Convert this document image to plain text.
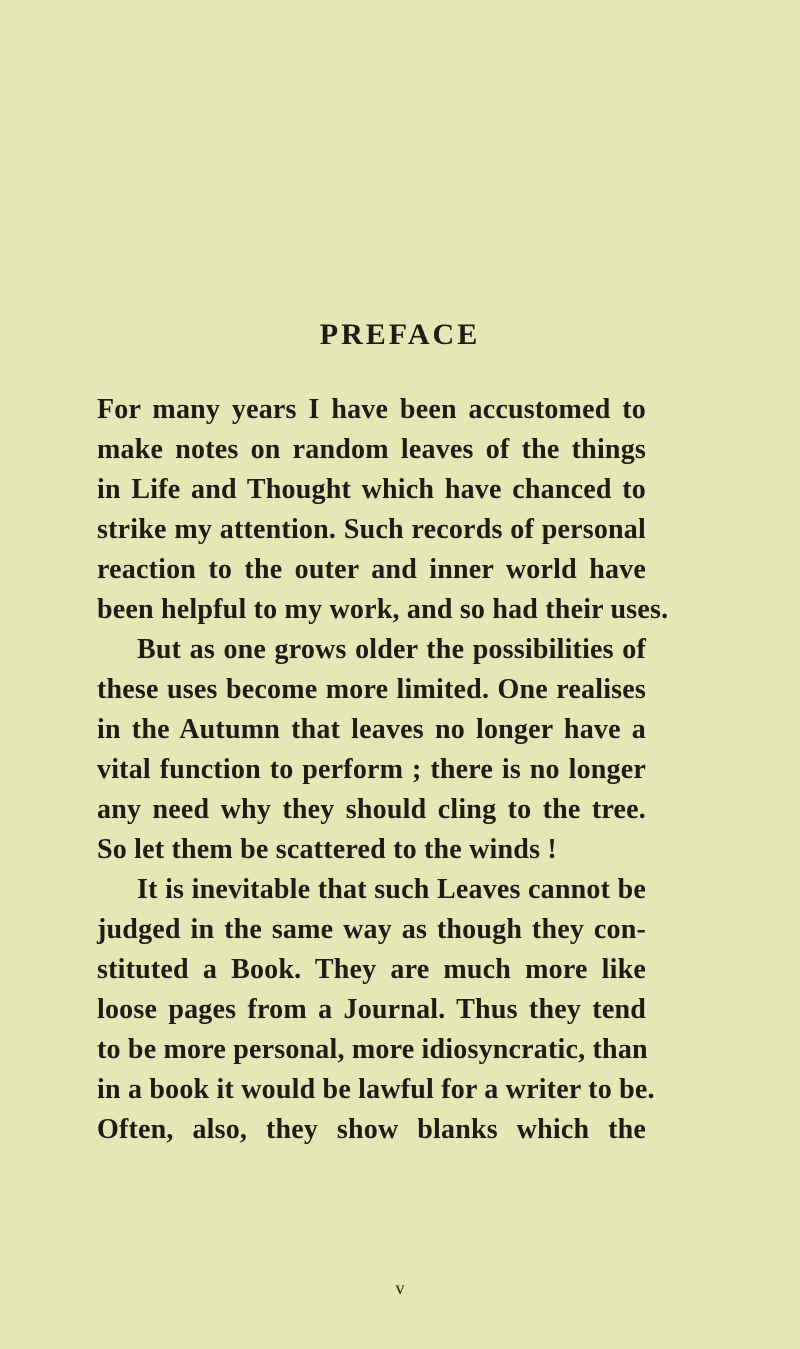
PREFACE
For many years I have been accustomed to
make notes on random leaves of the things
in Life and Thought which have chanced to
strike my attention. Such records of personal
reaction to the outer and inner world have
been helpful to my work, and so had their uses.
But as one grows older the possibilities of
these uses become more limited. One realises
in the Autumn that leaves no longer have a
vital function to perform ; there is no longer
any need why they should cling to the tree.
So let them be scattered to the winds !
It is inevitable that such Leaves cannot be
judged in the same way as though they con-
stituted a Book. They are much more like
loose pages from a Journal. Thus they tend
to be more personal, more idiosyncratic, than
in a book it would be lawful for a writer to be.
Often, also, they show blanks which the
v
